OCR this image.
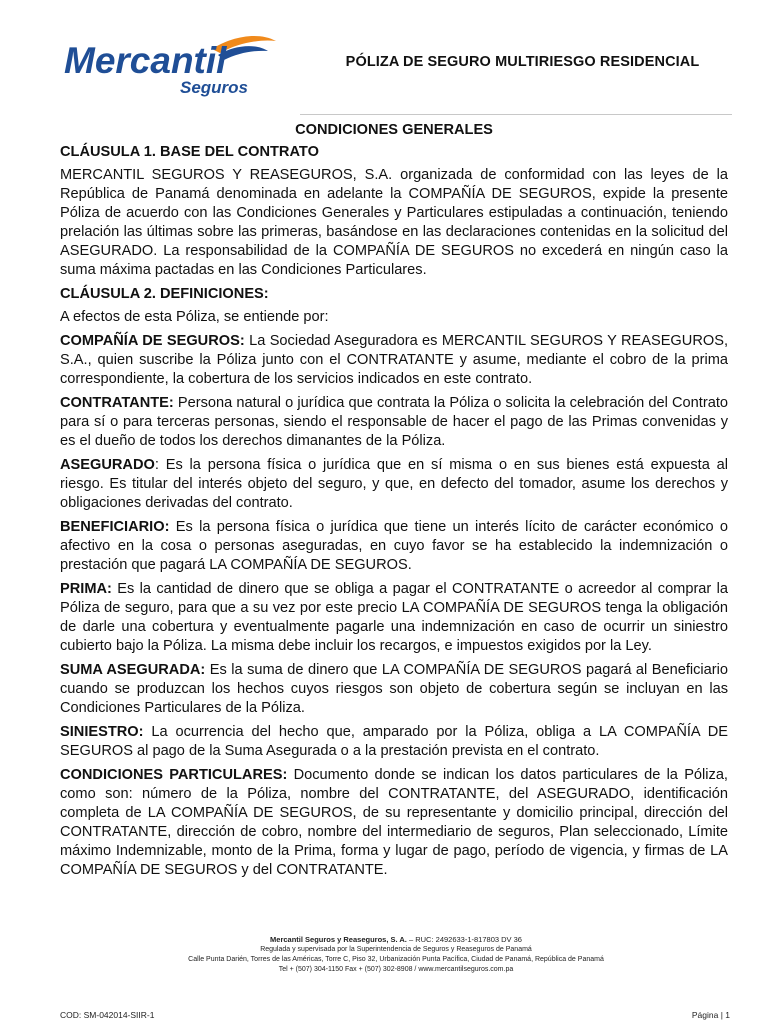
Mercantil
Seguros
PÓLIZA DE SEGURO MULTIRIESGO RESIDENCIAL
CONDICIONES GENERALES
CLÁUSULA 1. BASE DEL CONTRATO

MERCANTIL SEGUROS Y REASEGUROS, S.A. organizada de conformidad con las leyes de la República de Panamá denominada en adelante la COMPAÑÍA DE SEGUROS, expide la presente Póliza de acuerdo con las Condiciones Generales y Particulares estipuladas a continuación, teniendo prelación las últimas sobre las primeras, basándose en las declaraciones contenidas en la solicitud del ASEGURADO. La responsabilidad de la COMPAÑÍA DE SEGUROS no excederá en ningún caso la suma máxima pactadas en las Condiciones Particulares.

CLÁUSULA 2. DEFINICIONES:

A efectos de esta Póliza, se entiende por:

COMPAÑÍA DE SEGUROS: La Sociedad Aseguradora es MERCANTIL SEGUROS Y REASEGUROS, S.A., quien suscribe la Póliza junto con el CONTRATANTE y asume, mediante el cobro de la prima correspondiente, la cobertura de los servicios indicados en este contrato.

CONTRATANTE: Persona natural o jurídica que contrata la Póliza o solicita la celebración del Contrato para sí o para terceras personas, siendo el responsable de hacer el pago de las Primas convenidas y es el dueño de todos los derechos dimanantes de la Póliza.

ASEGURADO: Es la persona física o jurídica que en sí misma o en sus bienes está expuesta al riesgo. Es titular del interés objeto del seguro, y que, en defecto del tomador, asume los derechos y obligaciones derivadas del contrato.

BENEFICIARIO: Es la persona física o jurídica que tiene un interés lícito de carácter económico o afectivo en la cosa o personas aseguradas, en cuyo favor se ha establecido la indemnización o prestación que pagará LA COMPAÑÍA DE SEGUROS.

PRIMA: Es la cantidad de dinero que se obliga a pagar el CONTRATANTE o acreedor al comprar la Póliza de seguro, para que a su vez por este precio LA COMPAÑÍA DE SEGUROS tenga la obligación de darle una cobertura y eventualmente pagarle una indemnización en caso de ocurrir un siniestro cubierto bajo la Póliza. La misma debe incluir los recargos, e impuestos exigidos por la Ley.

SUMA ASEGURADA: Es la suma de dinero que LA COMPAÑÍA DE SEGUROS pagará al Beneficiario cuando se produzcan los hechos cuyos riesgos son objeto de cobertura según se incluyan en las Condiciones Particulares de la Póliza.

SINIESTRO: La ocurrencia del hecho que, amparado por la Póliza, obliga a LA COMPAÑÍA DE SEGUROS al pago de la Suma Asegurada o a la prestación prevista en el contrato.

CONDICIONES PARTICULARES: Documento donde se indican los datos particulares de la Póliza, como son: número de la Póliza, nombre del CONTRATANTE, del ASEGURADO, identificación completa de LA COMPAÑÍA DE SEGUROS, de su representante y domicilio principal, dirección del CONTRATANTE, dirección de cobro, nombre del intermediario de seguros, Plan seleccionado, Límite máximo Indemnizable, monto de la Prima, forma y lugar de pago, período de vigencia, y firmas de LA COMPAÑÍA DE SEGUROS y del CONTRATANTE.

Mercantil Seguros y Reaseguros, S. A. – RUC: 2492633-1-817803 DV 36
Regulada y supervisada por la Superintendencia de Seguros y Reaseguros de Panamá
Calle Punta Darién, Torres de las Américas, Torre C, Piso 32, Urbanización Punta Pacífica, Ciudad de Panamá, República de Panamá
Tel + (507) 304-1150 Fax + (507) 302-8908 / www.mercantilseguros.com.pa
COD: SM-042014-SIIR-1	Página | 1
